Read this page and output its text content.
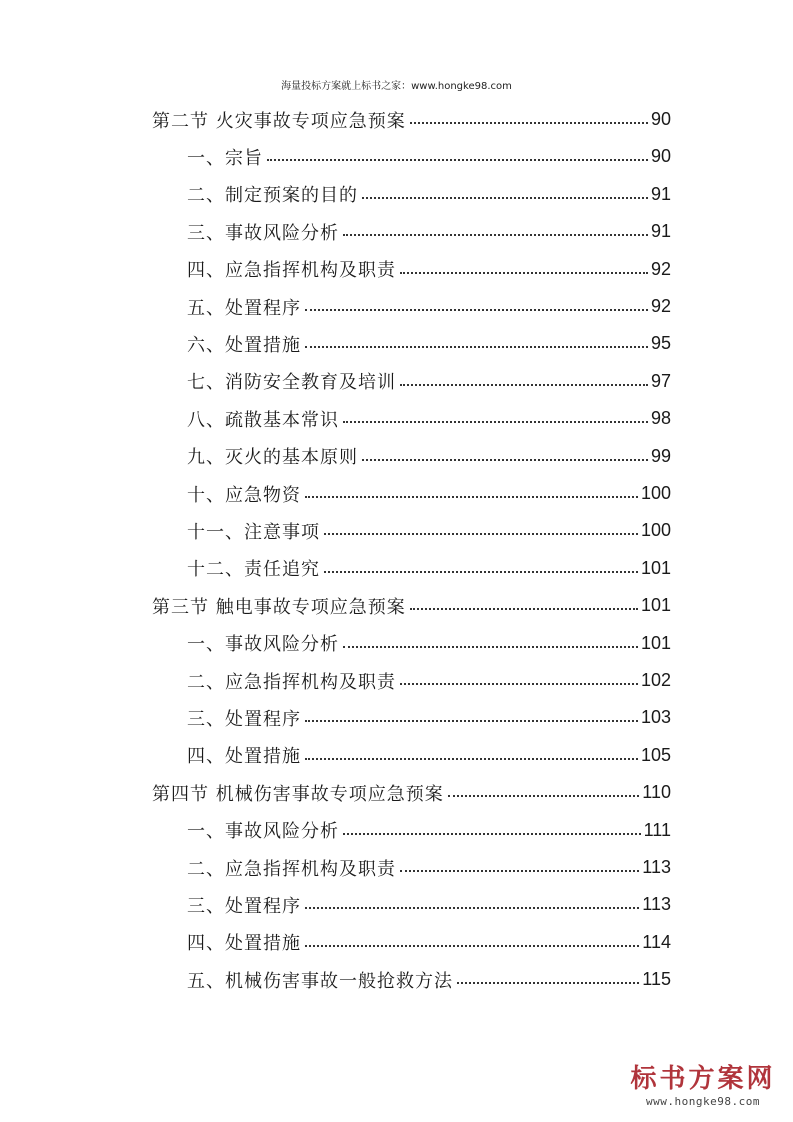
海量投标方案就上标书之家：www.hongke98.com
第二节 火灾事故专项应急预案	90
一、宗旨	90
二、制定预案的目的	91
三、事故风险分析	91
四、应急指挥机构及职责	92
五、处置程序	92
六、处置措施	95
七、消防安全教育及培训	97
八、疏散基本常识	98
九、灭火的基本原则	99
十、应急物资	100
十一、注意事项	100
十二、责任追究	101
第三节 触电事故专项应急预案	101
一、事故风险分析	101
二、应急指挥机构及职责	102
三、处置程序	103
四、处置措施	105
第四节 机械伤害事故专项应急预案	110
一、事故风险分析	111
二、应急指挥机构及职责	113
三、处置程序	113
四、处置措施	114
五、机械伤害事故一般抢救方法	115
标书方案网
www.hongke98.com
